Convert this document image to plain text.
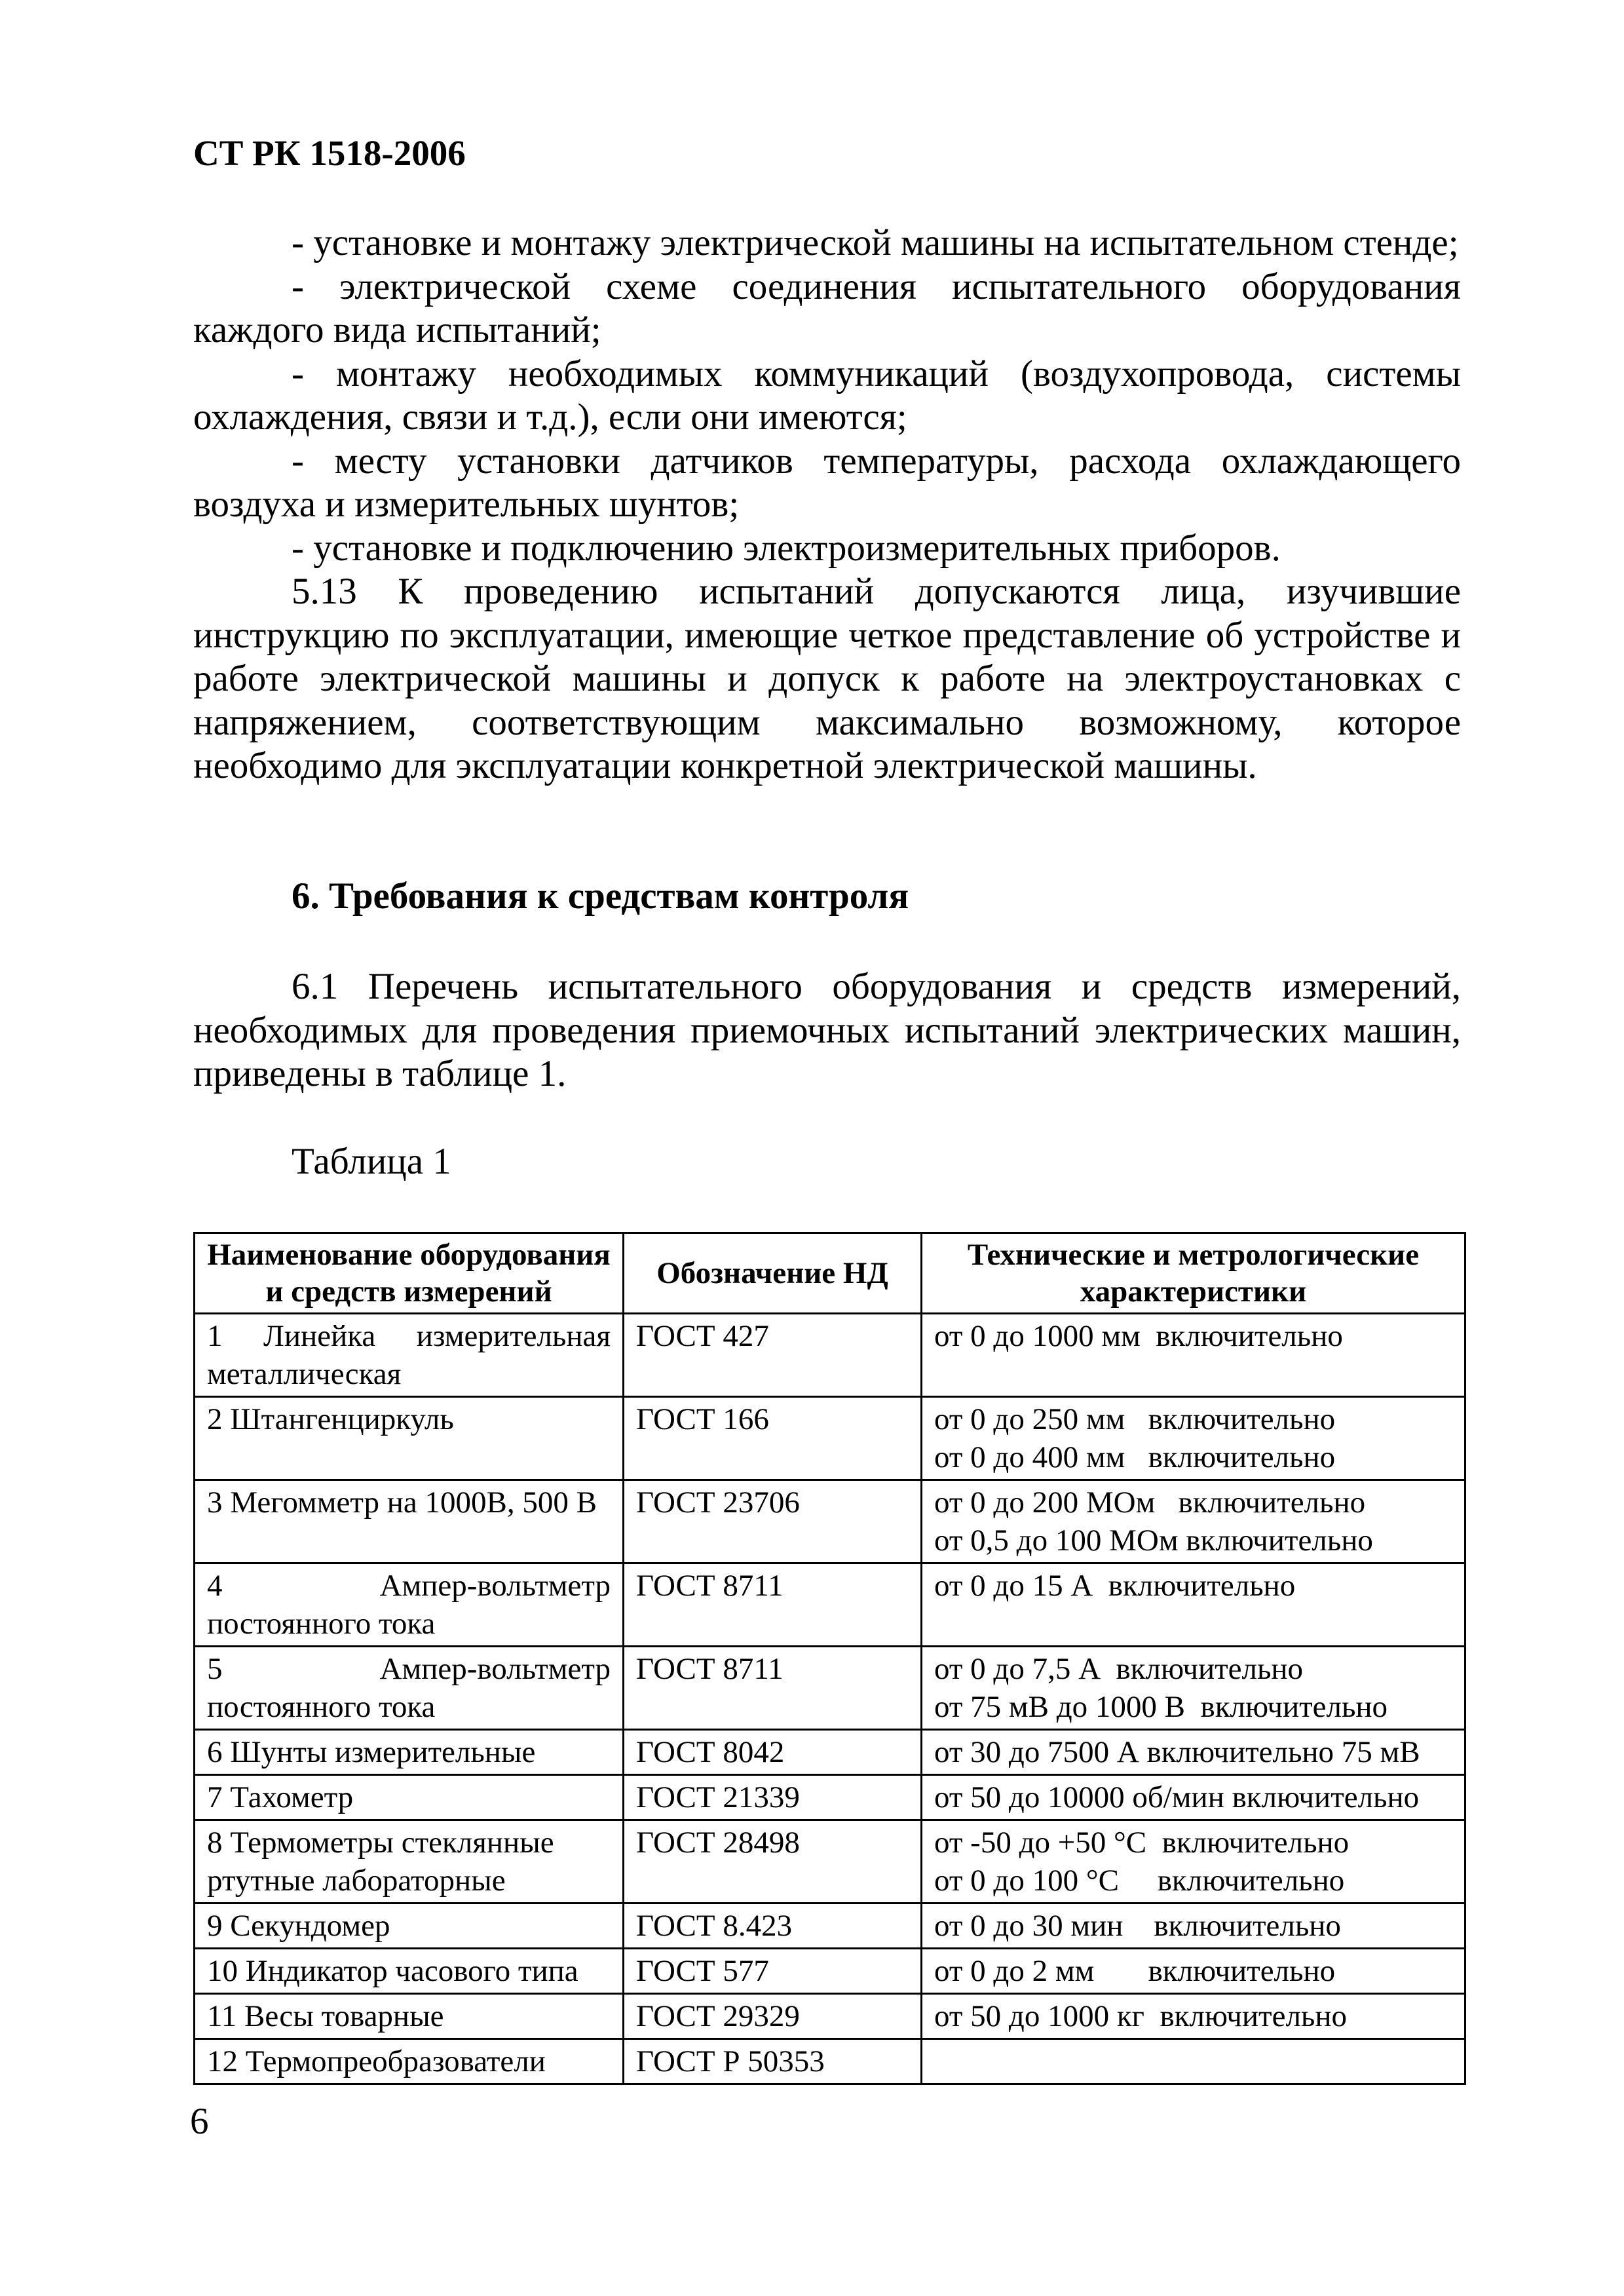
СТ РК 1518-2006

- установке и монтажу электрической машины на испытательном стенде;

- электрической схеме соединения испытательного оборудования каждого вида испытаний;

- монтажу необходимых коммуникаций (воздухопровода, системы охлаждения, связи и т.д.), если они имеются;

- месту установки датчиков температуры, расхода охлаждающего воздуха и измерительных шунтов;

- установке и подключению электроизмерительных приборов.

5.13 К проведению испытаний допускаются лица, изучившие инструкцию по эксплуатации, имеющие четкое представление об устройстве и работе электрической машины и допуск к работе на электроустановках с напряжением, соответствующим максимально возможному, которое необходимо для эксплуатации конкретной электрической машины.

6. Требования к средствам контроля

6.1 Перечень испытательного оборудования и средств измерений, необходимых для проведения приемочных испытаний электрических машин, приведены в таблице 1.

Таблица 1
Наименование оборудования и средств измерений	Обозначение НД	Технические и метрологические характеристики
1 Линейка измерительная металлическая	ГОСТ 427	от 0 до 1000 мм  включительно

2 Штангенциркуль	ГОСТ 166	от 0 до 250 мм   включительно
от 0 до 400 мм   включительно

3 Мегомметр на 1000В, 500 В	ГОСТ 23706	от 0 до 200 МОм   включительно
от 0,5 до 100 МОм включительно

4 Ампер-вольтметр постоянного тока	ГОСТ 8711	от 0 до 15 А  включительно

5 Ампер-вольтметр постоянного тока	ГОСТ 8711	от 0 до 7,5 А  включительно
от 75 мВ до 1000 В  включительно

6 Шунты измерительные	ГОСТ 8042	от 30 до 7500 А включительно 75 мВ

7 Тахометр	ГОСТ 21339	от 50 до 10000 об/мин включительно

8 Термометры стеклянные ртутные лабораторные	ГОСТ 28498	от -50 до +50 °С  включительно
от 0 до 100 °С     включительно

9 Секундомер	ГОСТ 8.423	от 0 до 30 мин    включительно

10 Индикатор часового типа	ГОСТ 577	от 0 до 2 мм       включительно

11 Весы товарные	ГОСТ 29329	от 50 до 1000 кг  включительно

12 Термопреобразователи	ГОСТ Р 50353	
6
